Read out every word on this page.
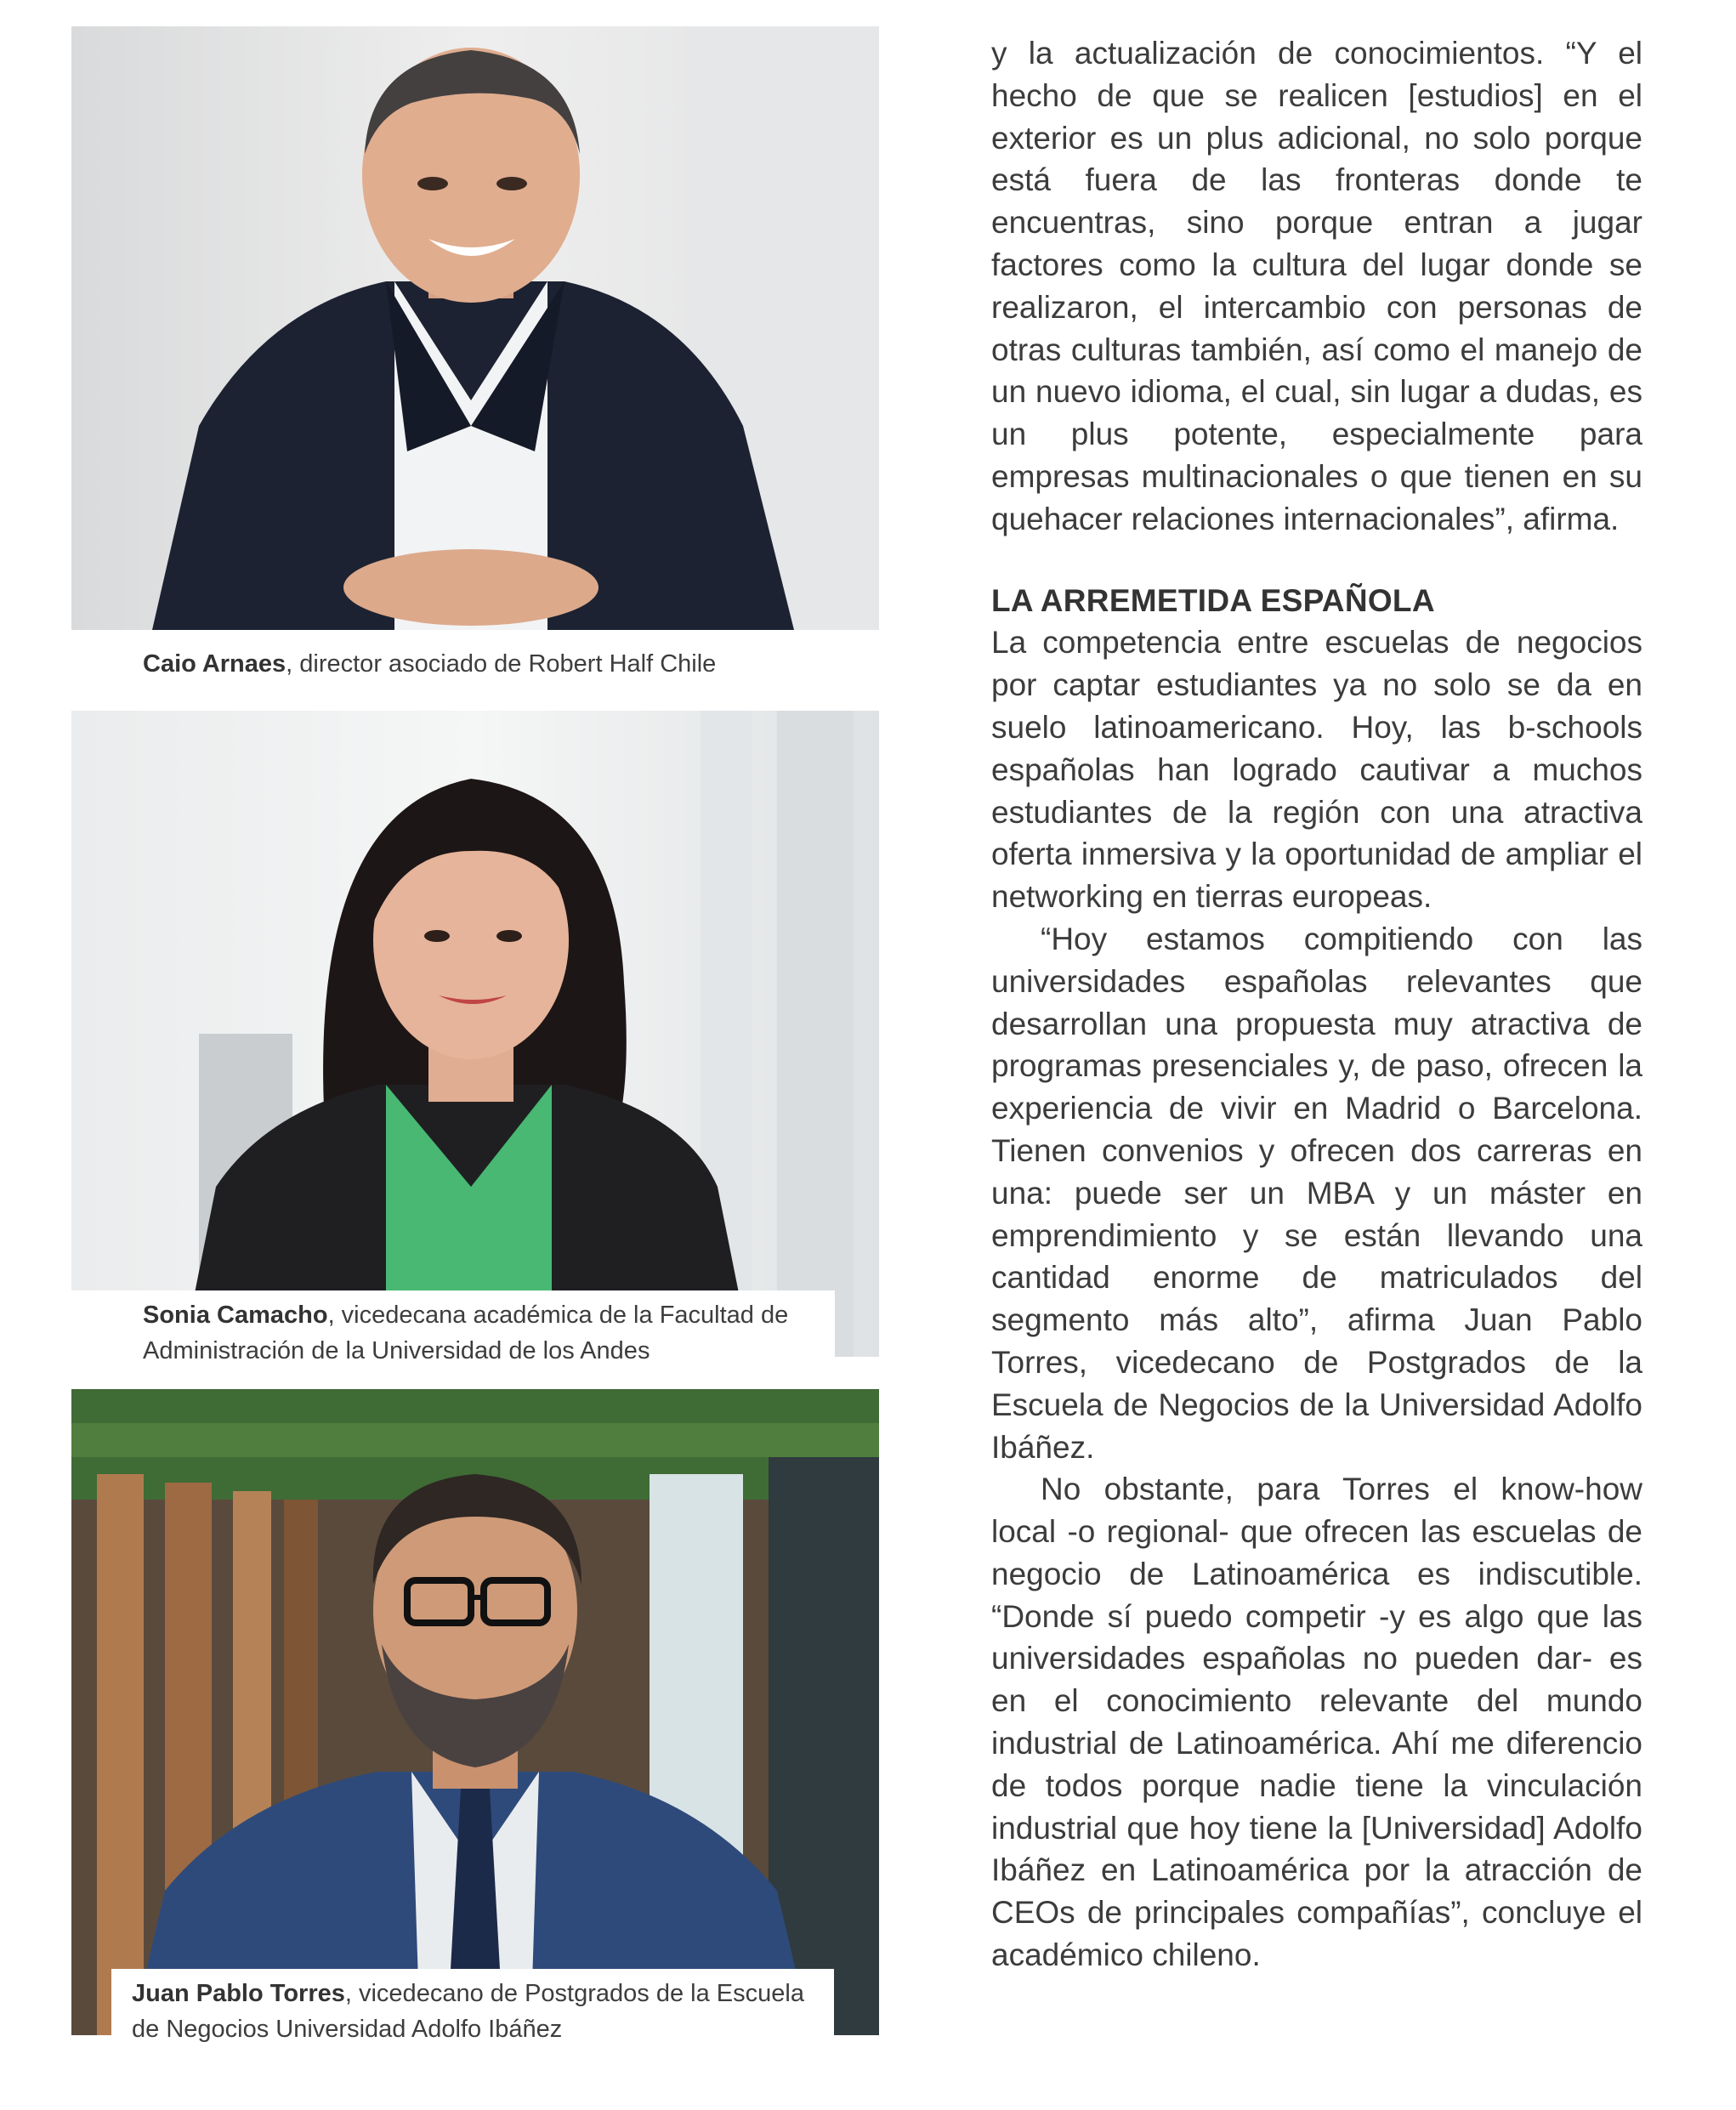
Caio Arnaes, director asociado de Robert Half Chile
Sonia Camacho, vicedecana académica de la Facultad de Administración de la Universidad de los Andes
Juan Pablo Torres, vicedecano de Postgrados de la Escuela de Negocios Universidad Adolfo Ibáñez

y la actualización de conocimientos. “Y el hecho de que se realicen [estudios] en el exterior es un plus adicional, no solo porque está fuera de las fronteras donde te encuentras, sino porque entran a jugar factores como la cultura del lugar donde se realizaron, el intercambio con personas de otras culturas también, así como el manejo de un nuevo idioma, el cual, sin lugar a dudas, es un plus potente, especialmente para empresas multinacionales o que tienen en su quehacer relaciones internacionales”, afirma.

LA ARREMETIDA ESPAÑOLA

La competencia entre escuelas de negocios por captar estudiantes ya no solo se da en suelo latinoamericano. Hoy, las b-schools españolas han logrado cautivar a muchos estudiantes de la región con una atractiva oferta inmersiva y la oportunidad de ampliar el networking en tierras europeas.

“Hoy estamos compitiendo con las universidades españolas relevantes que desarrollan una propuesta muy atractiva de programas presenciales y, de paso, ofrecen la experiencia de vivir en Madrid o Barcelona. Tienen convenios y ofrecen dos carreras en una: puede ser un MBA y un máster en emprendimiento y se están llevando una cantidad enorme de matriculados del segmento más alto”, afirma Juan Pablo Torres, vicedecano de Postgrados de la Escuela de Negocios de la Universidad Adolfo Ibáñez.

No obstante, para Torres el know-how local -o regional- que ofrecen las escuelas de negocio de Latinoamérica es indiscutible. “Donde sí puedo competir -y es algo que las universidades españolas no pueden dar- es en el conocimiento relevante del mundo industrial de Latinoamérica. Ahí me diferencio de todos porque nadie tiene la vinculación industrial que hoy tiene la [Universidad] Adolfo Ibáñez en Latinoamérica por la atracción de CEOs de principales compañías”, concluye el académico chileno.
